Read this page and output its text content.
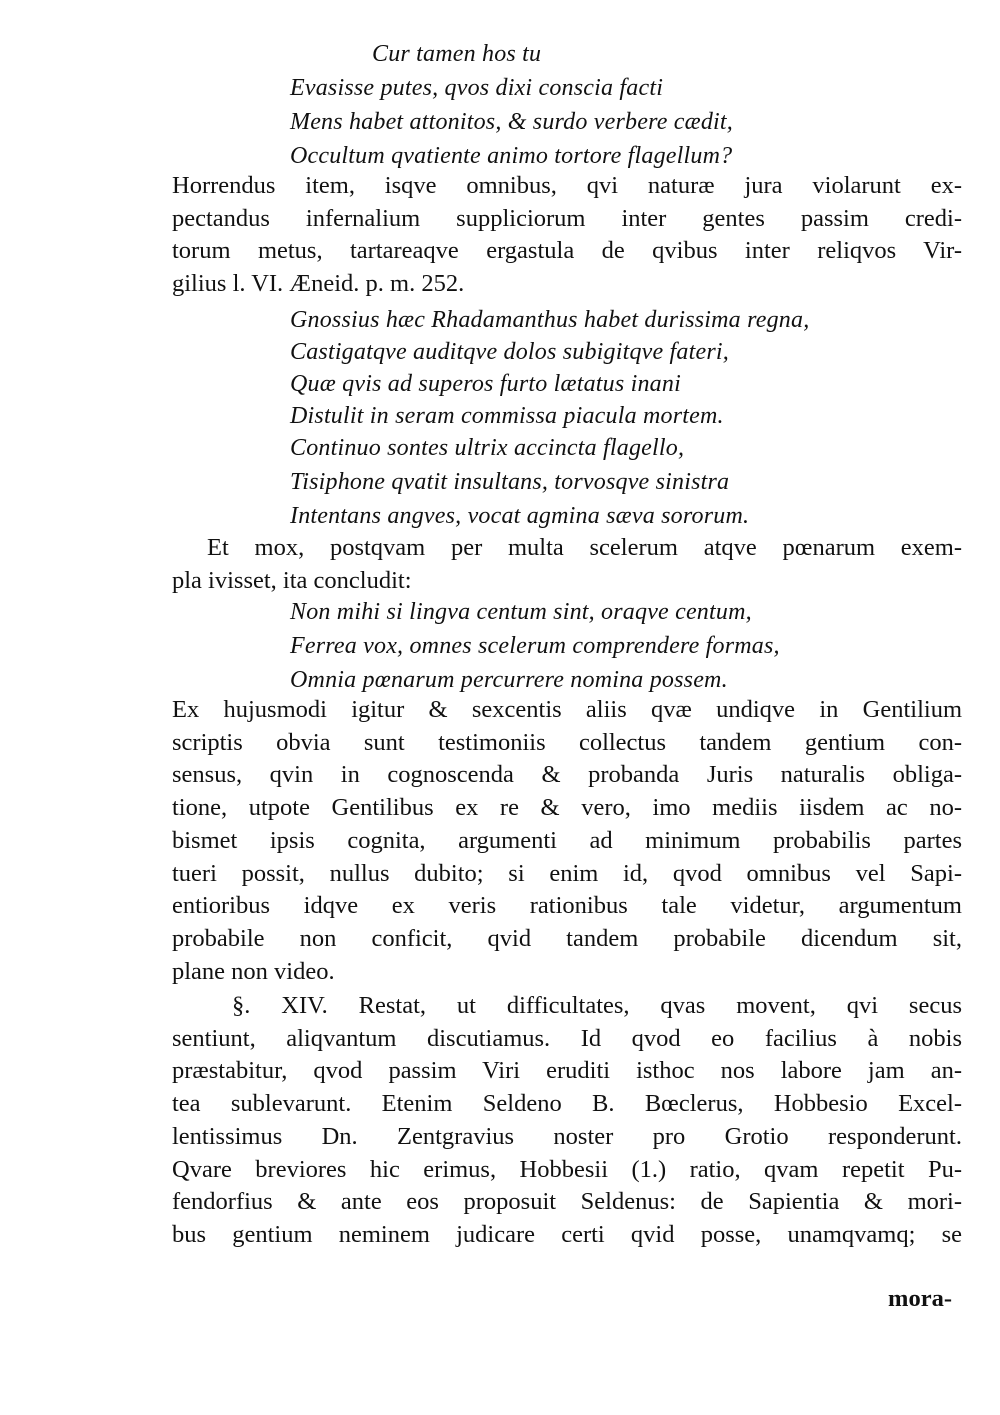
Cur tamen hos tu
Evasisse putes, qvos dixi conscia facti
Mens habet attonitos, & surdo verbere cædit,
Occultum qvatiente animo tortore flagellum?
Horrendus item, isqve omnibus, qvi naturæ jura violarunt ex-
pectandus infernalium suppliciorum inter gentes passim credi-
torum metus, tartareaqve ergastula de qvibus inter reliqvos Vir-
gilius l. VI. Æneid. p. m. 252.
Gnossius hæc Rhadamanthus habet durissima regna,
Castigatqve auditqve dolos subigitqve fateri,
Quæ qvis ad superos furto lætatus inani
Distulit in seram commissa piacula mortem.
Continuo sontes ultrix accincta flagello,
Tisiphone qvatit insultans, torvosqve sinistra
Intentans angves, vocat agmina sæva sororum.
Et mox, postqvam per multa scelerum atqve pœnarum exem-
pla ivisset, ita concludit:
Non mihi si lingva centum sint, oraqve centum,
Ferrea vox, omnes scelerum comprendere formas,
Omnia pœnarum percurrere nomina possem.
Ex hujusmodi igitur & sexcentis aliis qvæ undiqve in Gentilium
scriptis obvia sunt testimoniis collectus tandem gentium con-
sensus, qvin in cognoscenda & probanda Juris naturalis obliga-
tione, utpote Gentilibus ex re & vero, imo mediis iisdem ac no-
bismet ipsis cognita, argumenti ad minimum probabilis partes
tueri possit, nullus dubito; si enim id, qvod omnibus vel Sapi-
entioribus idqve ex veris rationibus tale videtur, argumentum
probabile non conficit, qvid tandem probabile dicendum sit,
plane non video.
§. XIV. Restat, ut difficultates, qvas movent, qvi secus
sentiunt, aliqvantum discutiamus. Id qvod eo facilius à nobis
præstabitur, qvod passim Viri eruditi isthoc nos labore jam an-
tea sublevarunt. Etenim Seldeno B. Bœclerus, Hobbesio Excel-
lentissimus Dn. Zentgravius noster pro Grotio responderunt.
Qvare breviores hic erimus, Hobbesii (1.) ratio, qvam repetit Pu-
fendorfius & ante eos proposuit Seldenus: de Sapientia & mori-
bus gentium neminem judicare certi qvid posse, unamqvamq; se
mora-
